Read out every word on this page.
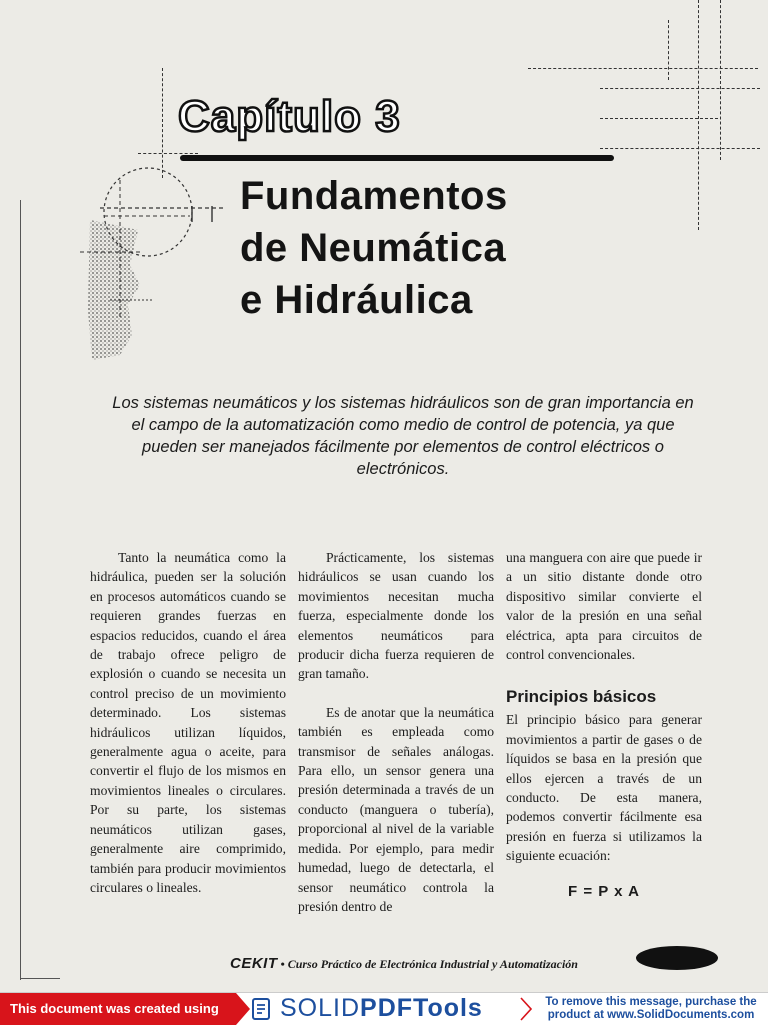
Capítulo 3
Fundamentos
de Neumática
e Hidráulica
Los sistemas neumáticos y los sistemas hidráulicos son de gran importancia en el campo de la automatización como medio de control de potencia, ya que pueden ser manejados fácilmente por elementos de control eléctricos o electrónicos.

Tanto la neumática como la hidráulica, pueden ser la solución en procesos automáticos cuando se requieren grandes fuerzas en espacios reducidos, cuando el área de trabajo ofrece peligro de explosión o cuando se necesita un control preciso de un movimiento determinado. Los sistemas hidráulicos utilizan líquidos, generalmente agua o aceite, para convertir el flujo de los mismos en movimientos lineales o circulares. Por su parte, los sistemas neumáticos utilizan gases, generalmente aire comprimido, también para producir movimientos circulares o lineales.

Prácticamente, los sistemas hidráulicos se usan cuando los movimientos necesitan mucha fuerza, especialmente donde los elementos neumáticos para producir dicha fuerza requieren de gran tamaño.

Es de anotar que la neumática también es empleada como transmisor de señales análogas. Para ello, un sensor genera una presión determinada a través de un conducto (manguera o tubería), proporcional al nivel de la variable medida. Por ejemplo, para medir humedad, luego de detectarla, el sensor neumático controla la presión dentro de

una manguera con aire que puede ir a un sitio distante donde otro dispositivo similar convierte el valor de la presión en una señal eléctrica, apta para circuitos de control convencionales.

Principios básicos

El principio básico para generar movimientos a partir de gases o de líquidos se basa en la presión que ellos ejercen a través de un conducto. De esta manera, podemos convertir fácilmente esa presión en fuerza si utilizamos la siguiente ecuación:

F = P x A
CEKIT • Curso Práctico de Electrónica Industrial y Automatización
This document was created using	SOLIDPDFTools	To remove this message, purchase the product at www.SolidDocuments.com
